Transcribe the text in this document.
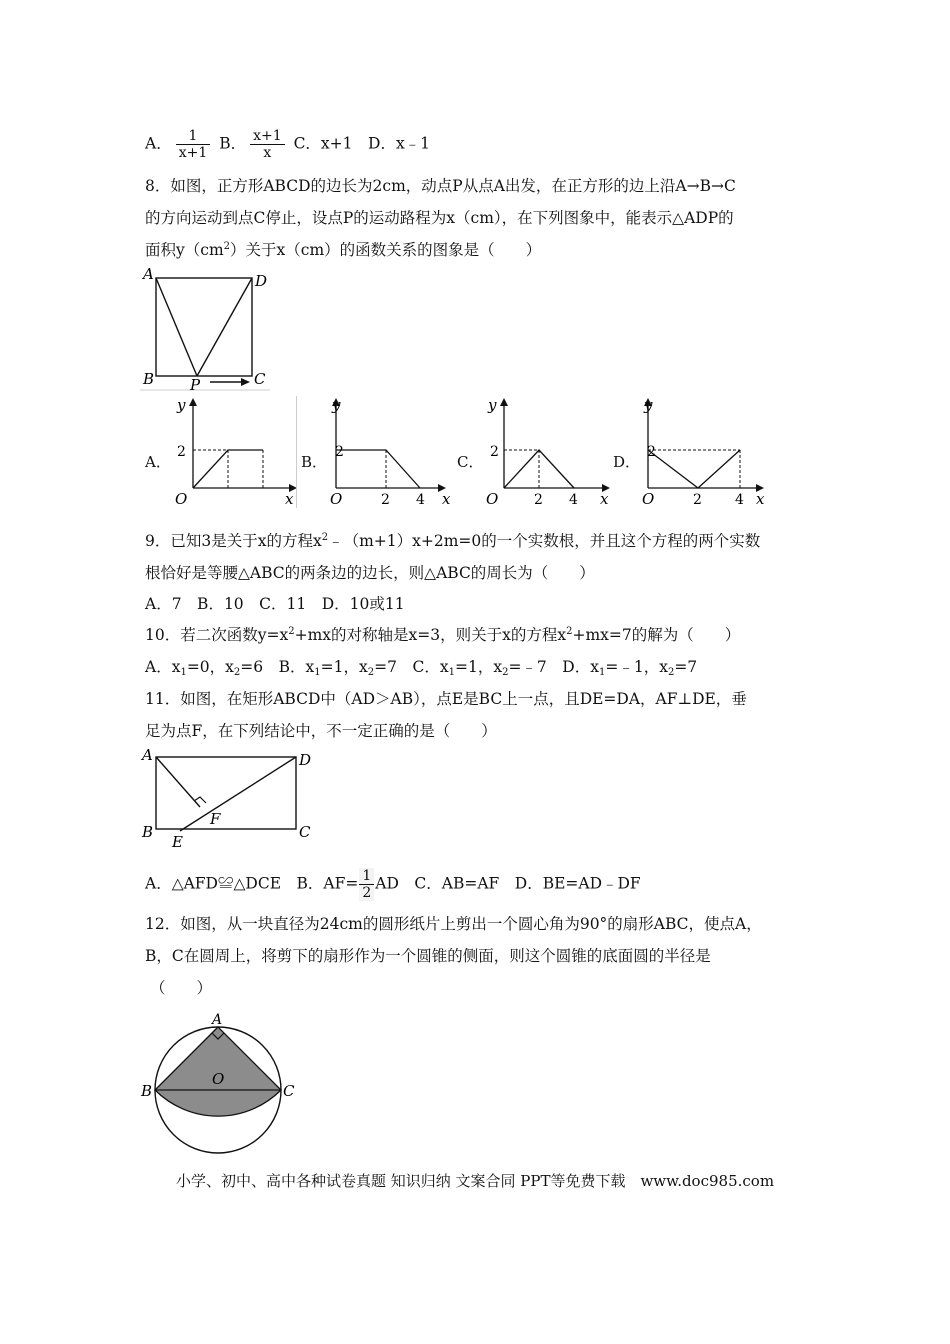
A． $\frac{1}{x+1}$ B． $\frac{x+1}{x}$ C．x+1　D．x﹣1
8．如图，正方形ABCD的边长为2cm，动点P从点A出发，在正方形的边上沿A→B→C
的方向运动到点C停止，设点P的运动路程为x（cm），在下列图象中，能表示△ADP的
面积$y(cm^2)$关于x（cm）的函数关系的图象是（　　）
A	D
B	C
P
A．
y
2
O	x
B．
y
2
O	2 4 x
C．
y
2
O	2 4 x
D．
y
2
O	2 4 x
9．已知3是关于x的方程$x^2﹣(m+1)x+2m=0$的一个实数根，并且这个方程的两个实数
根恰好是等腰△ABC的两条边的边长，则△ABC的周长为（　　）
A．7　B．10　C．11　D．10或11
10．若二次函数$y=x^2+mx$的对称轴是x=3，则关于x的方程$x^2+mx=7$的解为（　　）
A．$x_1=0$，$x_2=6$　B．$x_1=1$，$x_2=7$　C．$x_1=1$，$x_2=﹣7$　D．$x_1=﹣1$，$x_2=7$
11．如图，在矩形ABCD中（AD＞AB），点E是BC上一点，且DE=DA，AF⊥DE，垂
足为点F，在下列结论中，不一定正确的是（　　）
A	D
B	C
E
F
A．△AFD≌△DCE　B．$AF= \frac{1}{2}$ AD　C．AB=AF　D．BE=AD﹣DF
12．如图，从一块直径为24cm的圆形纸片上剪出一个圆心角为90°的扇形ABC，使点A，
B，C在圆周上，将剪下的扇形作为一个圆锥的侧面，则这个圆锥的底面圆的半径是
（　　）
A
B	C
O
小学、初中、高中各种试卷真题 知识归纳 文案合同 PPT等免费下载　www.doc985.com
